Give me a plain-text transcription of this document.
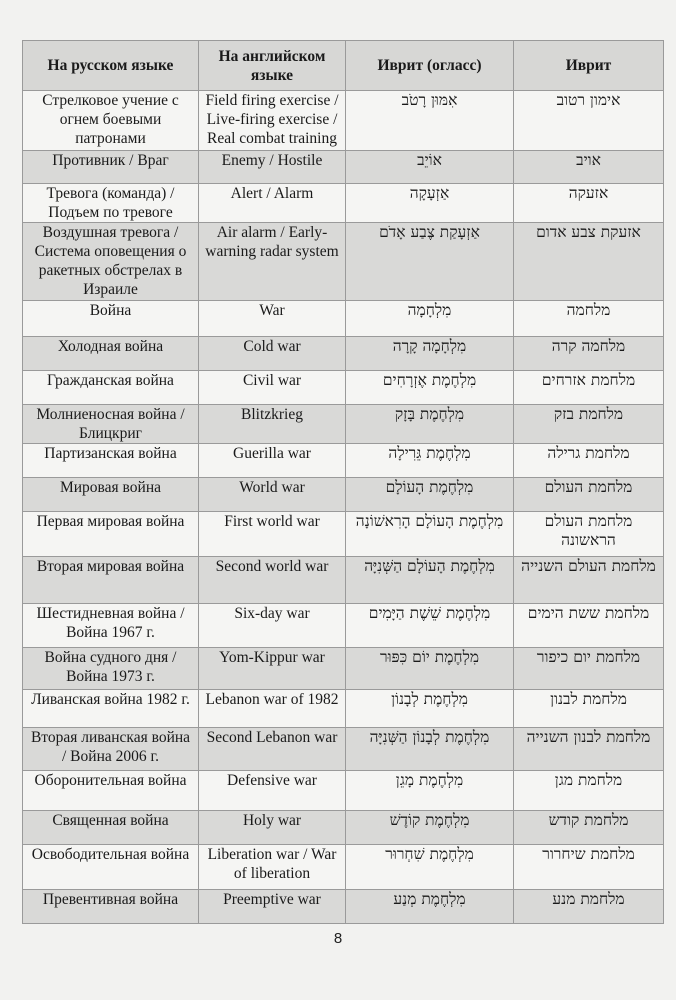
На русском языке	На английском языке	Иврит (огласс)	Иврит
Стрелковое учение с огнем боевыми патронами	Field firing exercise / Live-firing exercise / Real combat training	אִמּוּן רָטֹב	אימון רטוב
Противник / Враг	Enemy / Hostile	אוֹיֵב	אויב
Тревога (команда) / Подъем по тревоге	Alert / Alarm	אַזְעָקָה	אזעקה
Воздушная тревога / Система оповещения о ракетных обстрелах в Израиле	Air alarm / Early-warning radar system	אַזְעָקַת צֶבַע אָדֹם	אזעקת צבע אדום
Война	War	מִלְחָמָה	מלחמה
Холодная война	Cold war	מִלְחָמָה קָרָה	מלחמה קרה
Гражданская война	Civil war	מִלְחֶמֶת אֶזְרָחִים	מלחמת אזרחים
Молниеносная война / Блицкриг	Blitzkrieg	מִלְחֶמֶת בָּזָק	מלחמת בזק
Партизанская война	Guerilla war	מִלְחֶמֶת גֵּרִילָה	מלחמת גרילה
Мировая война	World war	מִלְחֶמֶת הָעוֹלָם	מלחמת העולם
Первая мировая война	First world war	מִלְחֶמֶת הָעוֹלָם הָרִאשׁוֹנָה	מלחמת העולם הראשונה
Вторая мировая война	Second world war	מִלְחֶמֶת הָעוֹלָם הַשְּׁנִיָּה	מלחמת העולם השנייה
Шестидневная война / Война 1967 г.	Six-day war	מִלְחֶמֶת שֵׁשֶׁת הַיָּמִים	מלחמת ששת הימים
Война судного дня / Война 1973 г.	Yom-Kippur war	מִלְחֶמֶת יוֹם כִּפּוּר	מלחמת יום כיפור
Ливанская война 1982 г.	Lebanon war of 1982	מִלְחֶמֶת לְבָנוֹן	מלחמת לבנון
Вторая ливанская война / Война 2006 г.	Second Lebanon war	מִלְחֶמֶת לְבָנוֹן הַשְּׁנִיָּה	מלחמת לבנון השנייה
Оборонительная война	Defensive war	מִלְחֶמֶת מָגֵן	מלחמת מגן
Священная война	Holy war	מִלְחֶמֶת קוֹדֶשׁ	מלחמת קודש
Освободительная война	Liberation war / War of liberation	מִלְחֶמֶת שִׁחְרוּר	מלחמת שיחרור
Превентивная война	Preemptive war	מִלְחֶמֶת מְנַע	מלחמת מנע
8
